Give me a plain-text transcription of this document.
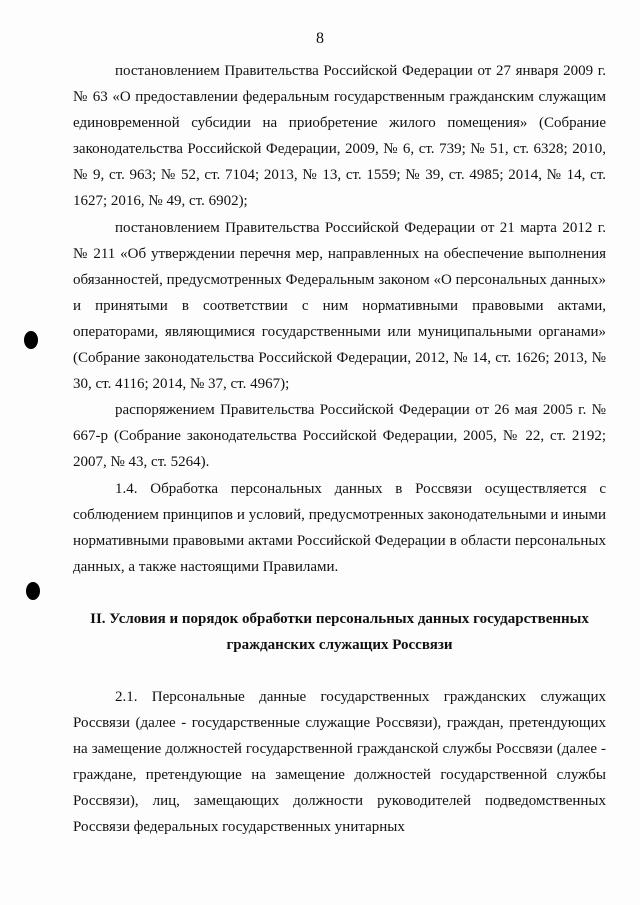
8

постановлением Правительства Российской Федерации от 27 января 2009 г. № 63 «О предоставлении федеральным государственным гражданским служащим единовременной субсидии на приобретение жилого помещения» (Собрание законодательства Российской Федерации, 2009, № 6, ст. 739; № 51, ст. 6328; 2010, № 9, ст. 963; № 52, ст. 7104; 2013, № 13, ст. 1559; № 39, ст. 4985; 2014, № 14, ст. 1627; 2016, № 49, ст. 6902);

постановлением Правительства Российской Федерации от 21 марта 2012 г. № 211 «Об утверждении перечня мер, направленных на обеспечение выполнения обязанностей, предусмотренных Федеральным законом «О персональных данных» и принятыми в соответствии с ним нормативными правовыми актами, операторами, являющимися государственными или муниципальными органами» (Собрание законодательства Российской Федерации, 2012, № 14, ст. 1626; 2013, № 30, ст. 4116; 2014, № 37, ст. 4967);

распоряжением Правительства Российской Федерации от 26 мая 2005 г. № 667-р (Собрание законодательства Российской Федерации, 2005, № 22, ст. 2192; 2007, № 43, ст. 5264).

1.4. Обработка персональных данных в Россвязи осуществляется с соблюдением принципов и условий, предусмотренных законодательными и иными нормативными правовыми актами Российской Федерации в области персональных данных, а также настоящими Правилами.

II. Условия и порядок обработки персональных данных государственных
гражданских служащих Россвязи

2.1. Персональные данные государственных гражданских служащих Россвязи (далее - государственные служащие Россвязи), граждан, претендующих на замещение должностей государственной гражданской службы Россвязи (далее - граждане, претендующие на замещение должностей государственной службы Россвязи), лиц, замещающих должности руководителей подведомственных Россвязи федеральных государственных унитарных
